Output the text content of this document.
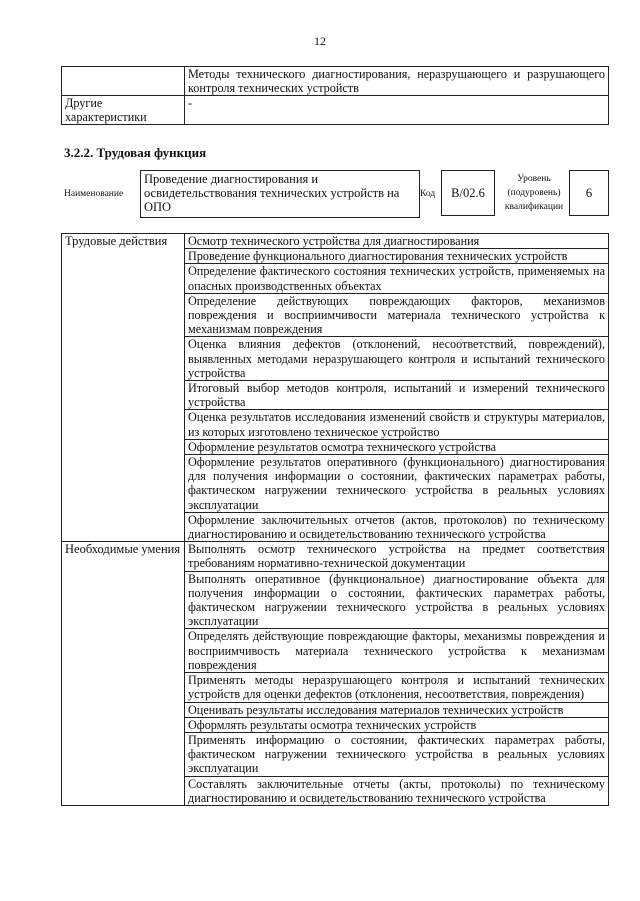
12
	Методы технического диагностирования, неразрушающего и разрушающего контроля технических устройств
Другие характеристики	-
3.2.2. Трудовая функция
Наименование
Проведение диагностирования и освидетельствования технических устройств на ОПО
Код	В/02.6
Уровень (подуровень) квалификации
6
Трудовые действия	Осмотр технического устройства для диагностирования
	Проведение функционального диагностирования технических устройств
	Определение фактического состояния технических устройств, применяемых на опасных производственных объектах
	Определение действующих повреждающих факторов, механизмов повреждения и восприимчивости материала технического устройства к механизмам повреждения
	Оценка влияния дефектов (отклонений, несоответствий, повреждений), выявленных методами неразрушающего контроля и испытаний технического устройства
	Итоговый выбор методов контроля, испытаний и измерений технического устройства
	Оценка результатов исследования изменений свойств и структуры материалов, из которых изготовлено техническое устройство
	Оформление результатов осмотра технического устройства
	Оформление результатов оперативного (функционального) диагностирования для получения информации о состоянии, фактических параметрах работы, фактическом нагружении технического устройства в реальных условиях эксплуатации
	Оформление заключительных отчетов (актов, протоколов) по техническому диагностированию и освидетельствованию технического устройства
Необходимые умения	Выполнять осмотр технического устройства на предмет соответствия требованиям нормативно-технической документации
	Выполнять оперативное (функциональное) диагностирование объекта для получения информации о состоянии, фактических параметрах работы, фактическом нагружении технического устройства в реальных условиях эксплуатации
	Определять действующие повреждающие факторы, механизмы повреждения и восприимчивость материала технического устройства к механизмам повреждения
	Применять методы неразрушающего контроля и испытаний технических устройств для оценки дефектов (отклонения, несоответствия, повреждения)
	Оценивать результаты исследования материалов технических устройств
	Оформлять результаты осмотра технических устройств
	Применять информацию о состоянии, фактических параметрах работы, фактическом нагружении технического устройства в реальных условиях эксплуатации
	Составлять заключительные отчеты (акты, протоколы) по техническому диагностированию и освидетельствованию технического устройства
